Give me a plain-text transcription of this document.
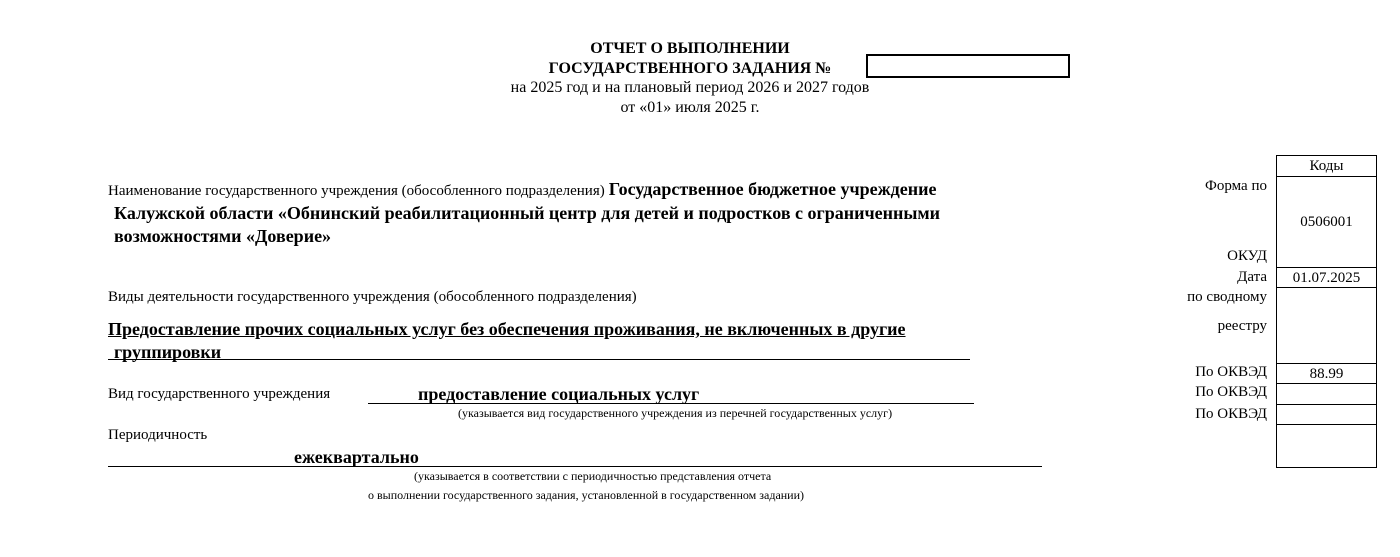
ОТЧЕТ О ВЫПОЛНЕНИИ
ГОСУДАРСТВЕННОГО ЗАДАНИЯ №
на 2025 год и на плановый период 2026 и 2027 годов
от «01» июля 2025 г.
Наименование государственного учреждения (обособленного подразделения) Государственное бюджетное учреждение
Калужской области «Обнинский реабилитационный центр для детей и подростков с ограниченными
возможностями «Доверие»
Виды деятельности государственного учреждения (обособленного подразделения)
Предоставление прочих социальных услуг без обеспечения проживания, не включенных в другие
группировки
Вид государственного учреждения	предоставление социальных услуг
(указывается вид государственного учреждения из перечней государственных услуг)
Периодичность
ежеквартально
(указывается в соответствии с периодичностью представления отчета
о выполнении государственного задания, установленной в государственном задании)
Форма по
ОКУД
Дата
по сводному
реестру
По ОКВЭД
По ОКВЭД
По ОКВЭД
Коды
0506001
01.07.2025
88.99
